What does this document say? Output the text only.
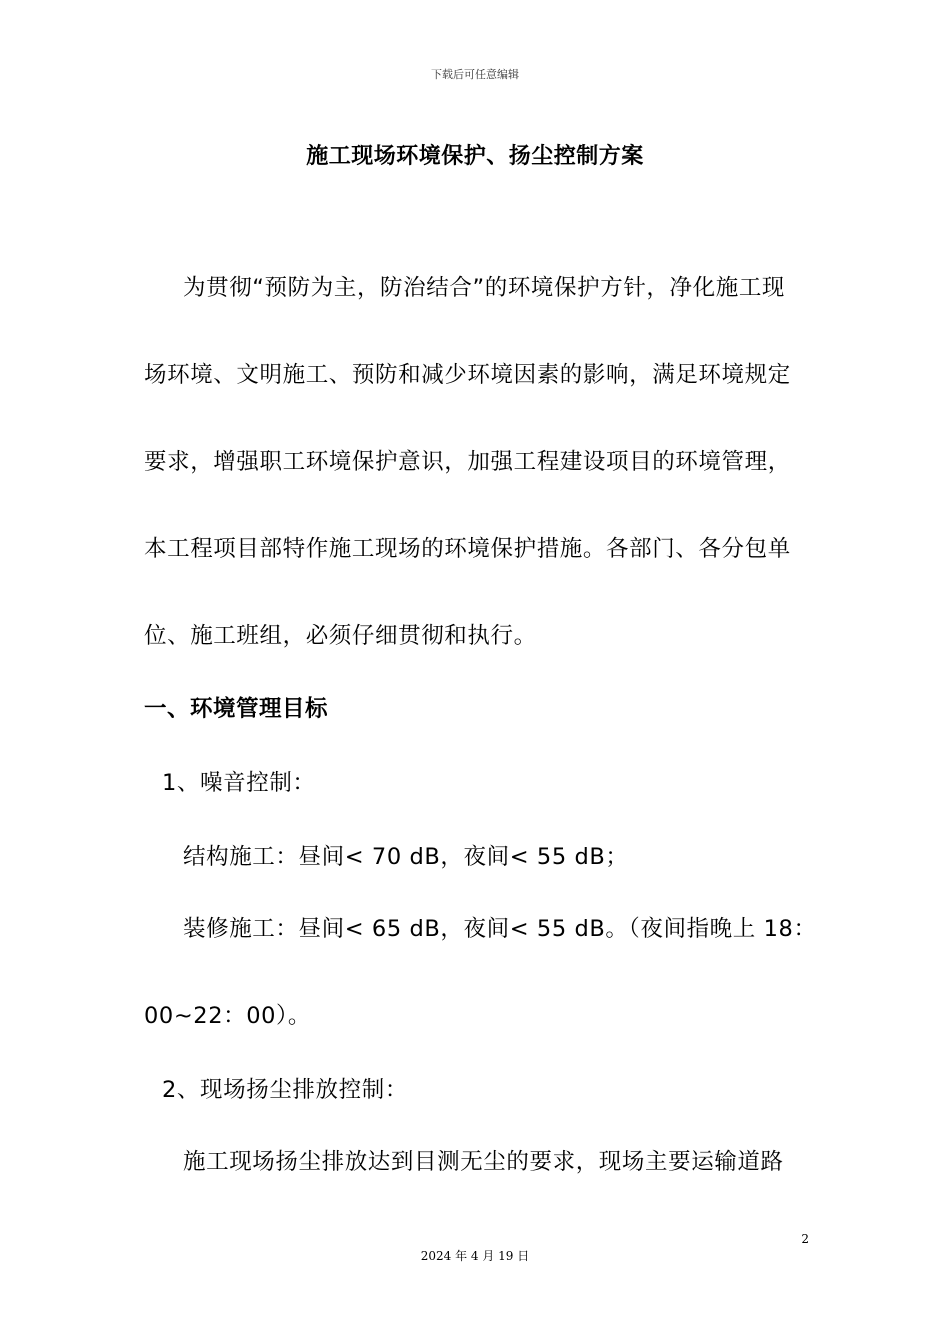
下载后可任意编辑
施工现场环境保护、扬尘控制方案
为贯彻“预防为主，防治结合”的环境保护方针，净化施工现
场环境、文明施工、预防和减少环境因素的影响，满足环境规定
要求，增强职工环境保护意识，加强工程建设项目的环境管理，
本工程项目部特作施工现场的环境保护措施。各部门、各分包单
位、施工班组，必须仔细贯彻和执行。
一、环境管理目标
1、噪音控制：
结构施工：昼间< 70 dB，夜间< 55 dB；
装修施工：昼间< 65 dB，夜间< 55 dB。（夜间指晚上 18：
00~22：00）。
2、现场扬尘排放控制：
施工现场扬尘排放达到目测无尘的要求，现场主要运输道路
2
2024 年 4 月 19 日
